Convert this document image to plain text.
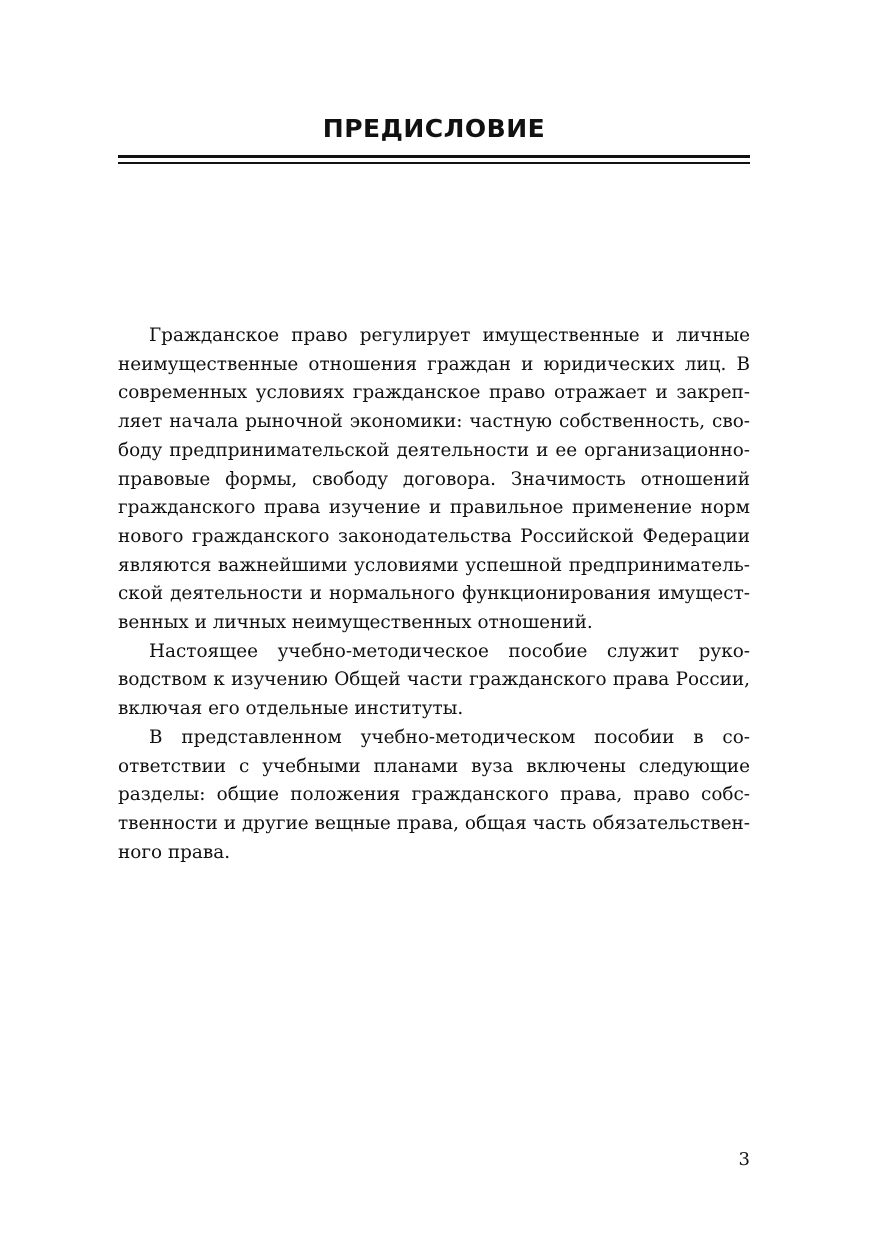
ПРЕДИСЛОВИЕ

Гражданское право регулирует имущественные и личные неимущественные отношения граждан и юридических лиц. В современных условиях гражданское право отражает и закрепляет начала рыночной экономики: частную собственность, свободу предпринимательской деятельности и ее организационно-правовые формы, свободу договора. Значимость отношений гражданского права изучение и правильное применение норм нового гражданского законодательства Российской Федерации являются важнейшими условиями успешной предпринимательской деятельности и нормального функционирования имущественных и личных неимущественных отношений.

Настоящее учебно-методическое пособие служит руководством к изучению Общей части гражданского права России, включая его отдельные институты.

В представленном учебно-методическом пособии в соответствии с учебными планами вуза включены следующие разделы: общие положения гражданского права, право собственности и другие вещные права, общая часть обязательственного права.

3
